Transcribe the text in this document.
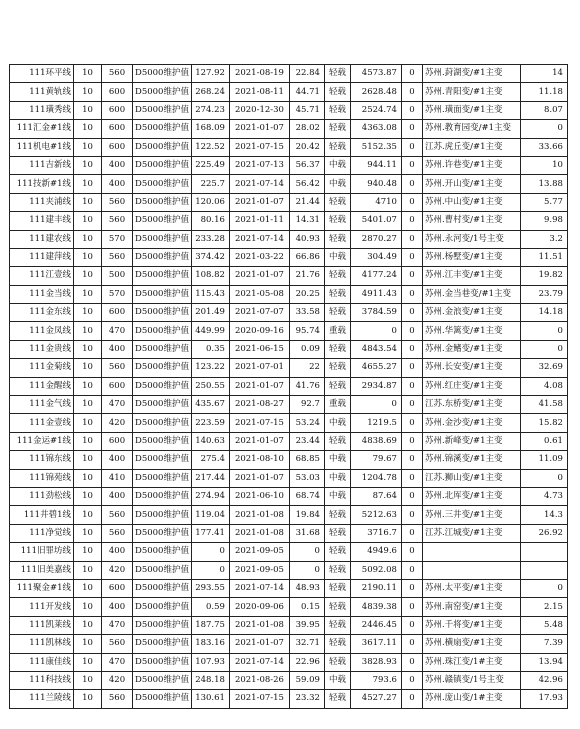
111环平线	10	560	D5000维护值	127.92	2021-08-19	22.84	轻载	4573.87	0	苏州.葑湖变/#1主变	14
111黄轨线	10	600	D5000维护值	268.24	2021-08-11	44.71	轻载	2628.48	0	苏州.青阳变/#1主变	11.18
111璜秀线	10	600	D5000维护值	274.23	2020-12-30	45.71	轻载	2524.74	0	苏州.璜面变/#1主变	8.07
111汇金#1线	10	600	D5000维护值	168.09	2021-01-07	28.02	轻载	4363.08	0	苏州.教育园变/#1主变	0
111机电#1线	10	600	D5000维护值	122.52	2021-07-15	20.42	轻载	5152.35	0	江苏.虎丘变/#1主变	33.66
111吉新线	10	400	D5000维护值	225.49	2021-07-13	56.37	中载	944.11	0	苏州.许巷变/#1主变	10
111技新#1线	10	400	D5000维护值	225.7	2021-07-14	56.42	中载	940.48	0	苏州.开山变/#1主变	13.88
111夹浦线	10	560	D5000维护值	120.06	2021-01-07	21.44	轻载	4710	0	苏州.中山变/#1主变	5.77
111建丰线	10	560	D5000维护值	80.16	2021-01-11	14.31	轻载	5401.07	0	苏州.曹村变/#1主变	9.98
111建农线	10	570	D5000维护值	233.28	2021-07-14	40.93	轻载	2870.27	0	苏州.永河变/1号主变	3.2
111建萍线	10	560	D5000维护值	374.42	2021-03-22	66.86	中载	304.49	0	苏州.杨墅变/#1主变	11.51
111江壹线	10	500	D5000维护值	108.82	2021-01-07	21.76	轻载	4177.24	0	苏州.江丰变/#1主变	19.82
111金当线	10	570	D5000维护值	115.43	2021-05-08	20.25	轻载	4911.43	0	苏州.金当巷变/#1主变	23.79
111金东线	10	600	D5000维护值	201.49	2021-07-07	33.58	轻载	3784.59	0	苏州.金浪变/#1主变	14.18
111金凤线	10	470	D5000维护值	449.99	2020-09-16	95.74	重载	0	0	苏州.华篱变/#1主变	0
111金贵线	10	400	D5000维护值	0.35	2021-06-15	0.09	轻载	4843.54	0	苏州.金鳍变/#1主变	0
111金菊线	10	560	D5000维护值	123.22	2021-07-01	22	轻载	4655.27	0	苏州.长安变/#1主变	32.69
111金醒线	10	600	D5000维护值	250.55	2021-01-07	41.76	轻载	2934.87	0	苏州.红庄变/#1主变	4.08
111金气线	10	470	D5000维护值	435.67	2021-08-27	92.7	重载	0	0	江苏.东桥变/#1主变	41.58
111金壹线	10	420	D5000维护值	223.59	2021-07-15	53.24	中载	1219.5	0	苏州.金沙变/#1主变	15.82
111金运#1线	10	600	D5000维护值	140.63	2021-01-07	23.44	轻载	4838.69	0	苏州.新峰变/#1主变	0.61
111锦东线	10	400	D5000维护值	275.4	2021-08-10	68.85	中载	79.67	0	苏州.锦溪变/#1主变	11.09
111锦苑线	10	410	D5000维护值	217.44	2021-01-07	53.03	中载	1204.78	0	江苏.狮山变/#1主变	0
111劲松线	10	400	D5000维护值	274.94	2021-06-10	68.74	中载	87.64	0	苏州.北厍变/#1主变	4.73
111井碧1线	10	560	D5000维护值	119.04	2021-01-08	19.84	轻载	5212.63	0	苏州.三井变/#1主变	14.3
111净觉线	10	560	D5000维护值	177.41	2021-01-08	31.68	轻载	3716.7	0	江苏.江城变/#1主变	26.92
111旧罪坊线	10	400	D5000维护值	0	2021-09-05	0	轻载	4949.6	0		
111旧美嘉线	10	420	D5000维护值	0	2021-09-05	0	轻载	5092.08	0		
111聚金#1线	10	600	D5000维护值	293.55	2021-07-14	48.93	轻载	2190.11	0	苏州.太平变/#1主变	0
111开发线	10	400	D5000维护值	0.59	2020-09-06	0.15	轻载	4839.38	0	苏州.南窑变/#1主变	2.15
111凯莱线	10	470	D5000维护值	187.75	2021-01-08	39.95	轻载	2446.45	0	苏州.千将变/#1主变	5.48
111凯林线	10	560	D5000维护值	183.16	2021-01-07	32.71	轻载	3617.11	0	苏州.横扇变/#1主变	7.39
111康佳线	10	470	D5000维护值	107.93	2021-07-14	22.96	轻载	3828.93	0	苏州.珠江变/1#主变	13.94
111科技线	10	420	D5000维护值	248.18	2021-08-26	59.09	中载	793.6	0	苏州.赣镇变/1号主变	42.96
111兰陵线	10	560	D5000维护值	130.61	2021-07-15	23.32	轻载	4527.27	0	苏州.庞山变/1#主变	17.93
